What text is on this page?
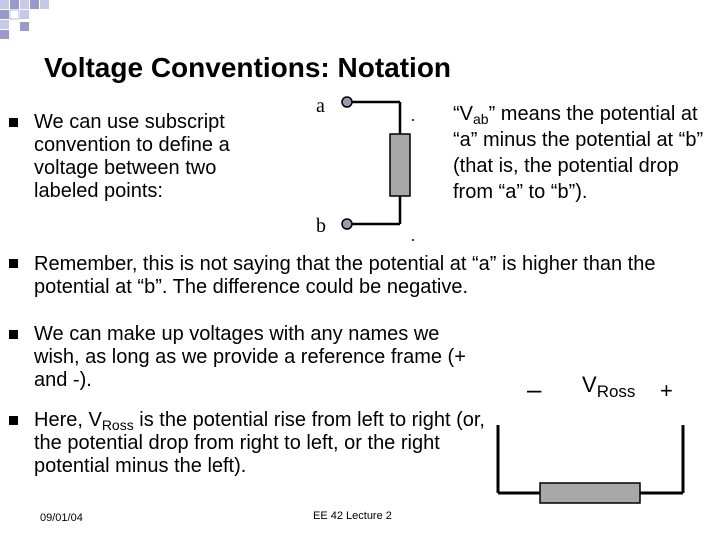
Voltage Conventions: Notation
We can use subscript convention to define a voltage between two labeled points:
a
b
“$V_{ab}$” means the potential at “a” minus the potential at “b” (that is, the potential drop from “a” to “b”).
Remember, this is not saying that the potential at “a” is higher than the potential at “b”. The difference could be negative.
We can make up voltages with any names we wish, as long as we provide a reference frame (+ and -).
Here, $V_{Ross}$ is the potential rise from left to right (or, the potential drop from right to left, or the right potential minus the left).
– $V_{Ross}$ +
09/01/04	EE 42 Lecture 2
